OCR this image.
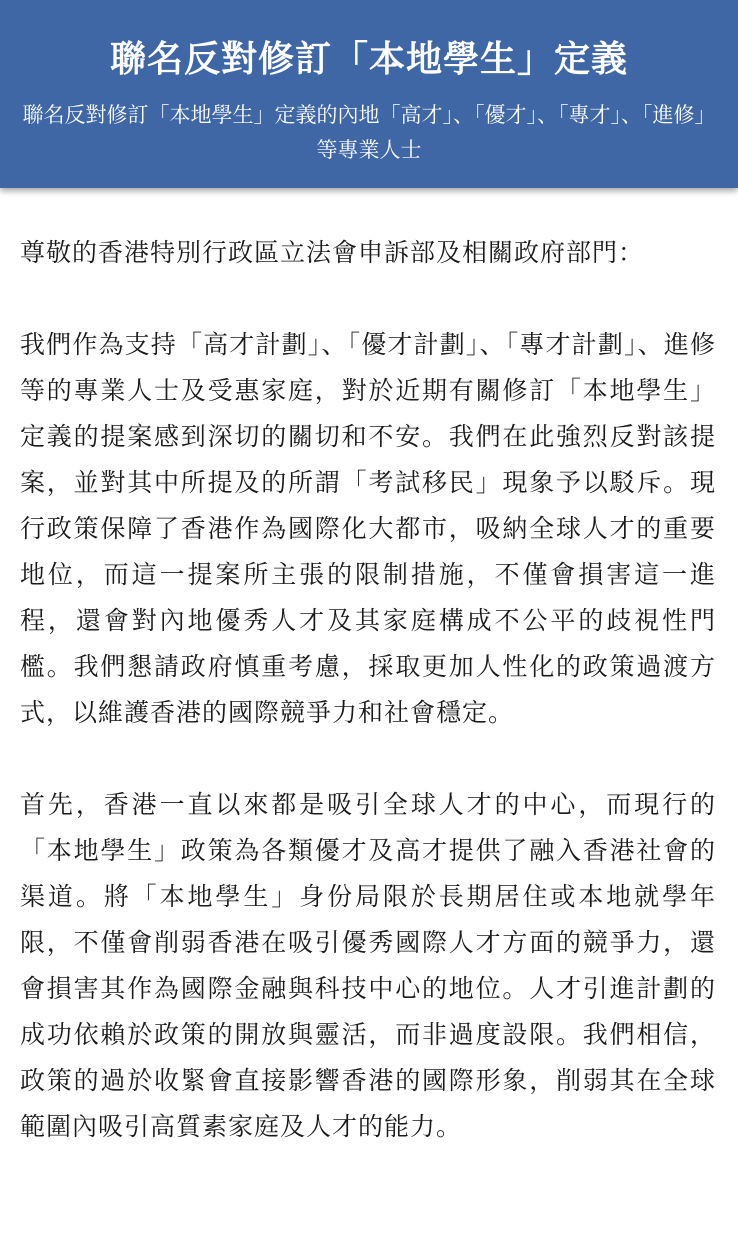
聯名反對修訂「本地學生」定義
聯名反對修訂「本地學生」定義的內地「高才」、「優才」、「專才」、「進修」等專業人士

尊敬的香港特別行政區立法會申訴部及相關政府部門：

我們作為支持「高才計劃」、「優才計劃」、「專才計劃」、進修等的專業人士及受惠家庭，對於近期有關修訂「本地學生」定義的提案感到深切的關切和不安。我們在此強烈反對該提案，並對其中所提及的所謂「考試移民」現象予以駁斥。現行政策保障了香港作為國際化大都市，吸納全球人才的重要地位，而這一提案所主張的限制措施，不僅會損害這一進程，還會對內地優秀人才及其家庭構成不公平的歧視性門檻。我們懇請政府慎重考慮，採取更加人性化的政策過渡方式，以維護香港的國際競爭力和社會穩定。

首先，香港一直以來都是吸引全球人才的中心，而現行的「本地學生」政策為各類優才及高才提供了融入香港社會的渠道。將「本地學生」身份局限於長期居住或本地就學年限，不僅會削弱香港在吸引優秀國際人才方面的競爭力，還會損害其作為國際金融與科技中心的地位。人才引進計劃的成功依賴於政策的開放與靈活，而非過度設限。我們相信，政策的過於收緊會直接影響香港的國際形象，削弱其在全球範圍內吸引高質素家庭及人才的能力。
